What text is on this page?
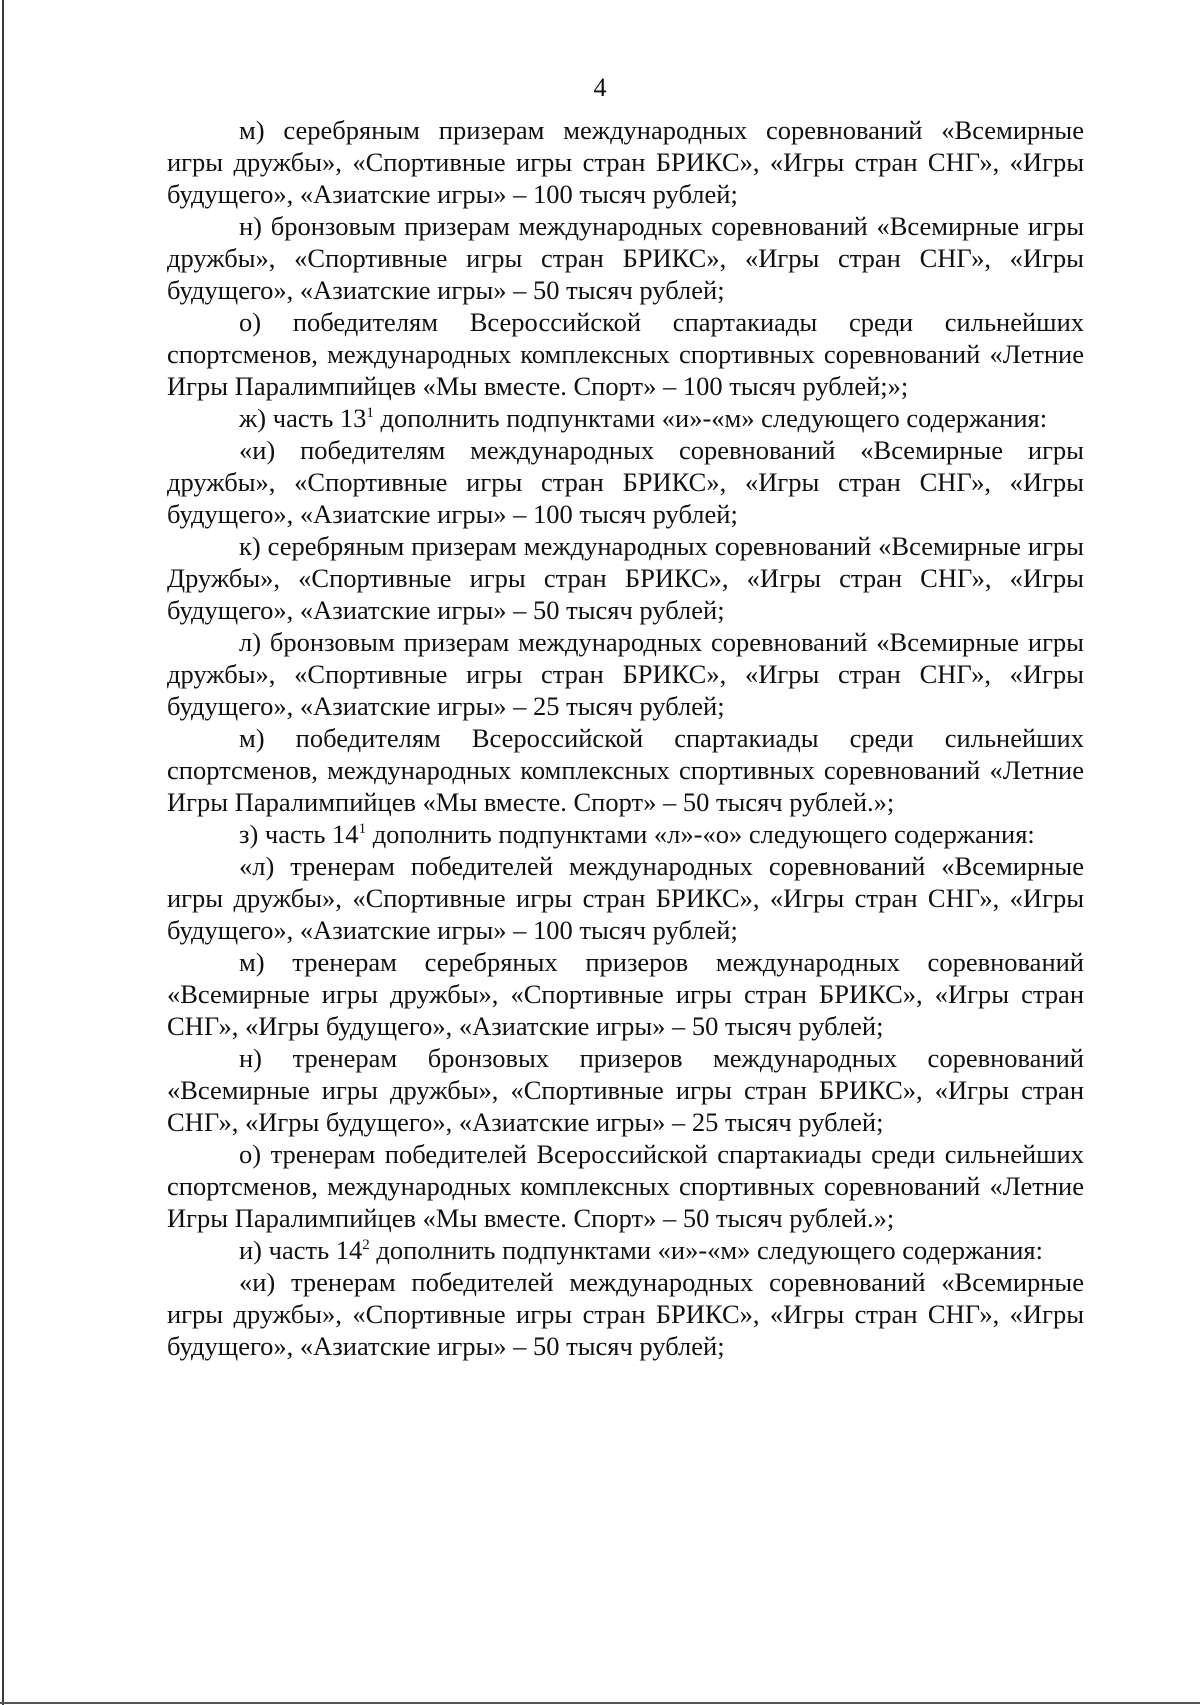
4

м) серебряным призерам международных соревнований «Всемирные игры дружбы», «Спортивные игры стран БРИКС», «Игры стран СНГ», «Игры будущего», «Азиатские игры» – 100 тысяч рублей;

н) бронзовым призерам международных соревнований «Всемирные игры дружбы», «Спортивные игры стран БРИКС», «Игры стран СНГ», «Игры будущего», «Азиатские игры» – 50 тысяч рублей;

о) победителям Всероссийской спартакиады среди сильнейших спортсменов, международных комплексных спортивных соревнований «Летние Игры Паралимпийцев «Мы вместе. Спорт» – 100 тысяч рублей;»;

ж) часть $13^1$ дополнить подпунктами «и»-«м» следующего содержания:

«и) победителям международных соревнований «Всемирные игры дружбы», «Спортивные игры стран БРИКС», «Игры стран СНГ», «Игры будущего», «Азиатские игры» – 100 тысяч рублей;

к) серебряным призерам международных соревнований «Всемирные игры Дружбы», «Спортивные игры стран БРИКС», «Игры стран СНГ», «Игры будущего», «Азиатские игры» – 50 тысяч рублей;

л) бронзовым призерам международных соревнований «Всемирные игры дружбы», «Спортивные игры стран БРИКС», «Игры стран СНГ», «Игры будущего», «Азиатские игры» – 25 тысяч рублей;

м) победителям Всероссийской спартакиады среди сильнейших спортсменов, международных комплексных спортивных соревнований «Летние Игры Паралимпийцев «Мы вместе. Спорт» – 50 тысяч рублей.»;

з) часть $14^1$ дополнить подпунктами «л»-«о» следующего содержания:

«л) тренерам победителей международных соревнований «Всемирные игры дружбы», «Спортивные игры стран БРИКС», «Игры стран СНГ», «Игры будущего», «Азиатские игры» – 100 тысяч рублей;

м) тренерам серебряных призеров международных соревнований «Всемирные игры дружбы», «Спортивные игры стран БРИКС», «Игры стран СНГ», «Игры будущего», «Азиатские игры» – 50 тысяч рублей;

н) тренерам бронзовых призеров международных соревнований «Всемирные игры дружбы», «Спортивные игры стран БРИКС», «Игры стран СНГ», «Игры будущего», «Азиатские игры» – 25 тысяч рублей;

о) тренерам победителей Всероссийской спартакиады среди сильнейших спортсменов, международных комплексных спортивных соревнований «Летние Игры Паралимпийцев «Мы вместе. Спорт» – 50 тысяч рублей.»;

и) часть $14^2$ дополнить подпунктами «и»-«м» следующего содержания:

«и) тренерам победителей международных соревнований «Всемирные игры дружбы», «Спортивные игры стран БРИКС», «Игры стран СНГ», «Игры будущего», «Азиатские игры» – 50 тысяч рублей;
